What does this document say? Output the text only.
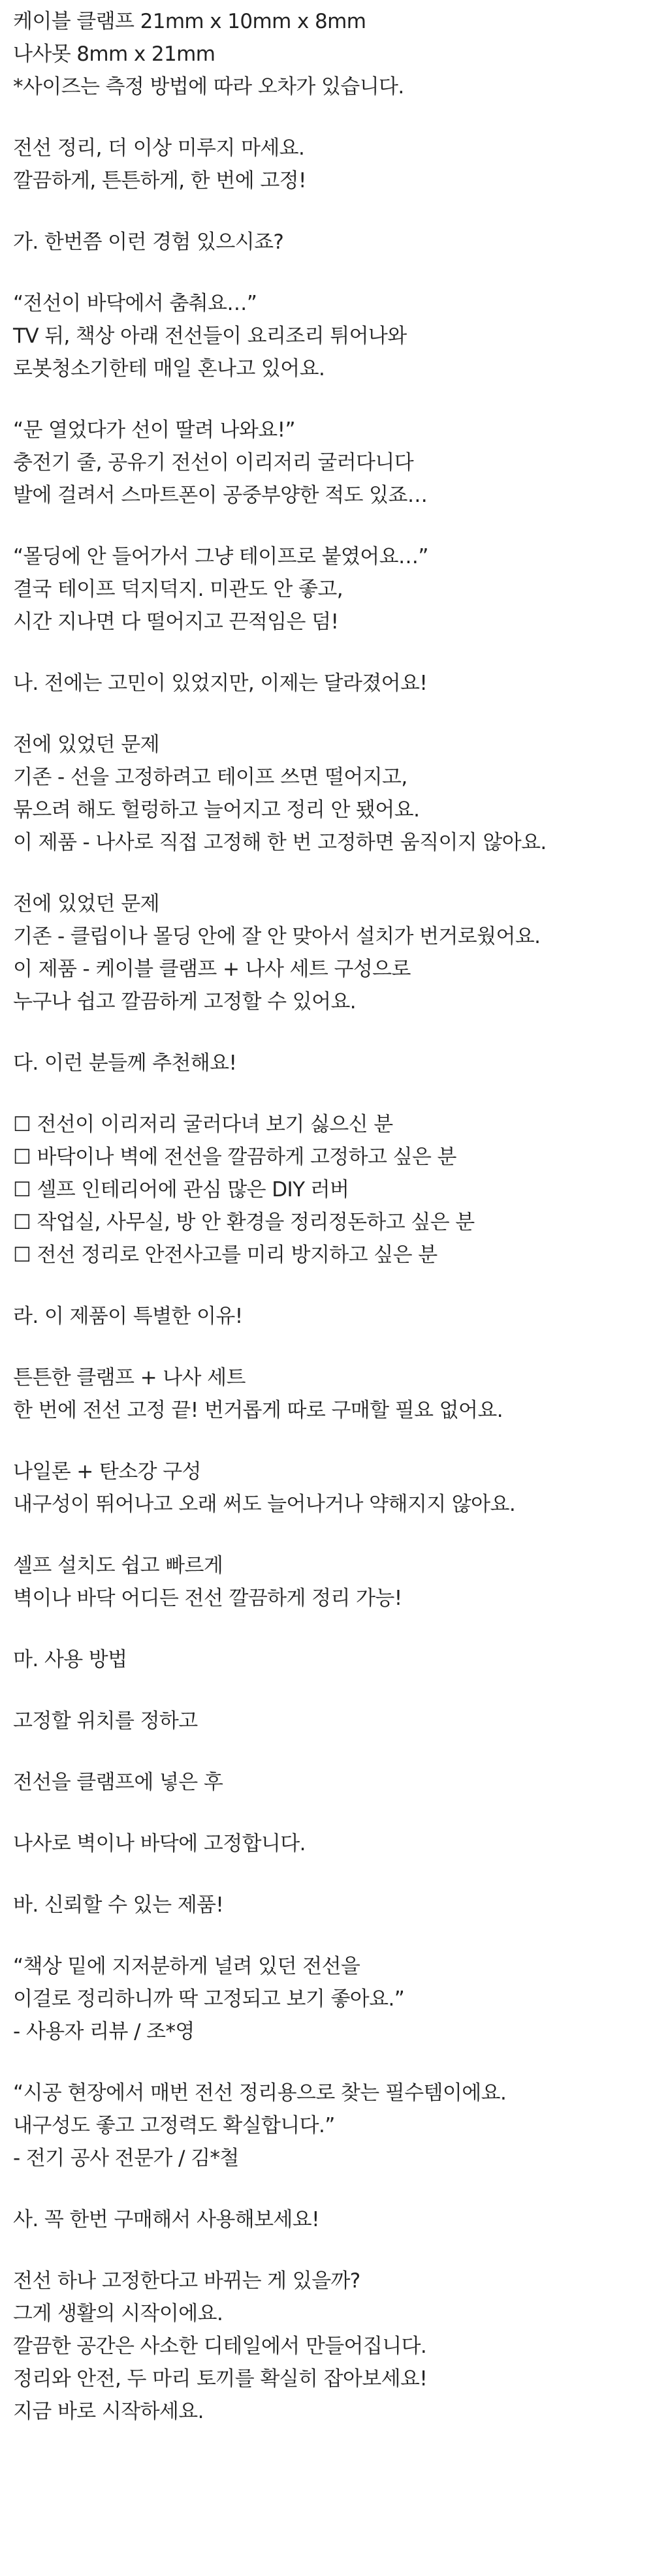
케이블 클램프 21mm x 10mm x 8mm
나사못 8mm x 21mm
*사이즈는 측정 방법에 따라 오차가 있습니다.
전선 정리, 더 이상 미루지 마세요.
깔끔하게, 튼튼하게, 한 번에 고정!
가. 한번쯤 이런 경험 있으시죠?
“전선이 바닥에서 춤춰요…”
TV 뒤, 책상 아래 전선들이 요리조리 튀어나와
로봇청소기한테 매일 혼나고 있어요.
“문 열었다가 선이 딸려 나와요!”
충전기 줄, 공유기 전선이 이리저리 굴러다니다
발에 걸려서 스마트폰이 공중부양한 적도 있죠…
“몰딩에 안 들어가서 그냥 테이프로 붙였어요…”
결국 테이프 덕지덕지. 미관도 안 좋고,
시간 지나면 다 떨어지고 끈적임은 덤!
나. 전에는 고민이 있었지만, 이제는 달라졌어요!
전에 있었던 문제
기존 - 선을 고정하려고 테이프 쓰면 떨어지고,
묶으려 해도 헐렁하고 늘어지고 정리 안 됐어요.
이 제품 - 나사로 직접 고정해 한 번 고정하면 움직이지 않아요.
전에 있었던 문제
기존 - 클립이나 몰딩 안에 잘 안 맞아서 설치가 번거로웠어요.
이 제품 - 케이블 클램프 + 나사 세트 구성으로
누구나 쉽고 깔끔하게 고정할 수 있어요.
다. 이런 분들께 추천해요!
☐ 전선이 이리저리 굴러다녀 보기 싫으신 분
☐ 바닥이나 벽에 전선을 깔끔하게 고정하고 싶은 분
☐ 셀프 인테리어에 관심 많은 DIY 러버
☐ 작업실, 사무실, 방 안 환경을 정리정돈하고 싶은 분
☐ 전선 정리로 안전사고를 미리 방지하고 싶은 분
라. 이 제품이 특별한 이유!
튼튼한 클램프 + 나사 세트
한 번에 전선 고정 끝! 번거롭게 따로 구매할 필요 없어요.
나일론 + 탄소강 구성
내구성이 뛰어나고 오래 써도 늘어나거나 약해지지 않아요.
셀프 설치도 쉽고 빠르게
벽이나 바닥 어디든 전선 깔끔하게 정리 가능!
마. 사용 방법
고정할 위치를 정하고
전선을 클램프에 넣은 후
나사로 벽이나 바닥에 고정합니다.
바. 신뢰할 수 있는 제품!
“책상 밑에 지저분하게 널려 있던 전선을
이걸로 정리하니까 딱 고정되고 보기 좋아요.”
- 사용자 리뷰 / 조*영
“시공 현장에서 매번 전선 정리용으로 찾는 필수템이에요.
내구성도 좋고 고정력도 확실합니다.”
- 전기 공사 전문가 / 김*철
사. 꼭 한번 구매해서 사용해보세요!
전선 하나 고정한다고 바뀌는 게 있을까?
그게 생활의 시작이에요.
깔끔한 공간은 사소한 디테일에서 만들어집니다.
정리와 안전, 두 마리 토끼를 확실히 잡아보세요!
지금 바로 시작하세요.
